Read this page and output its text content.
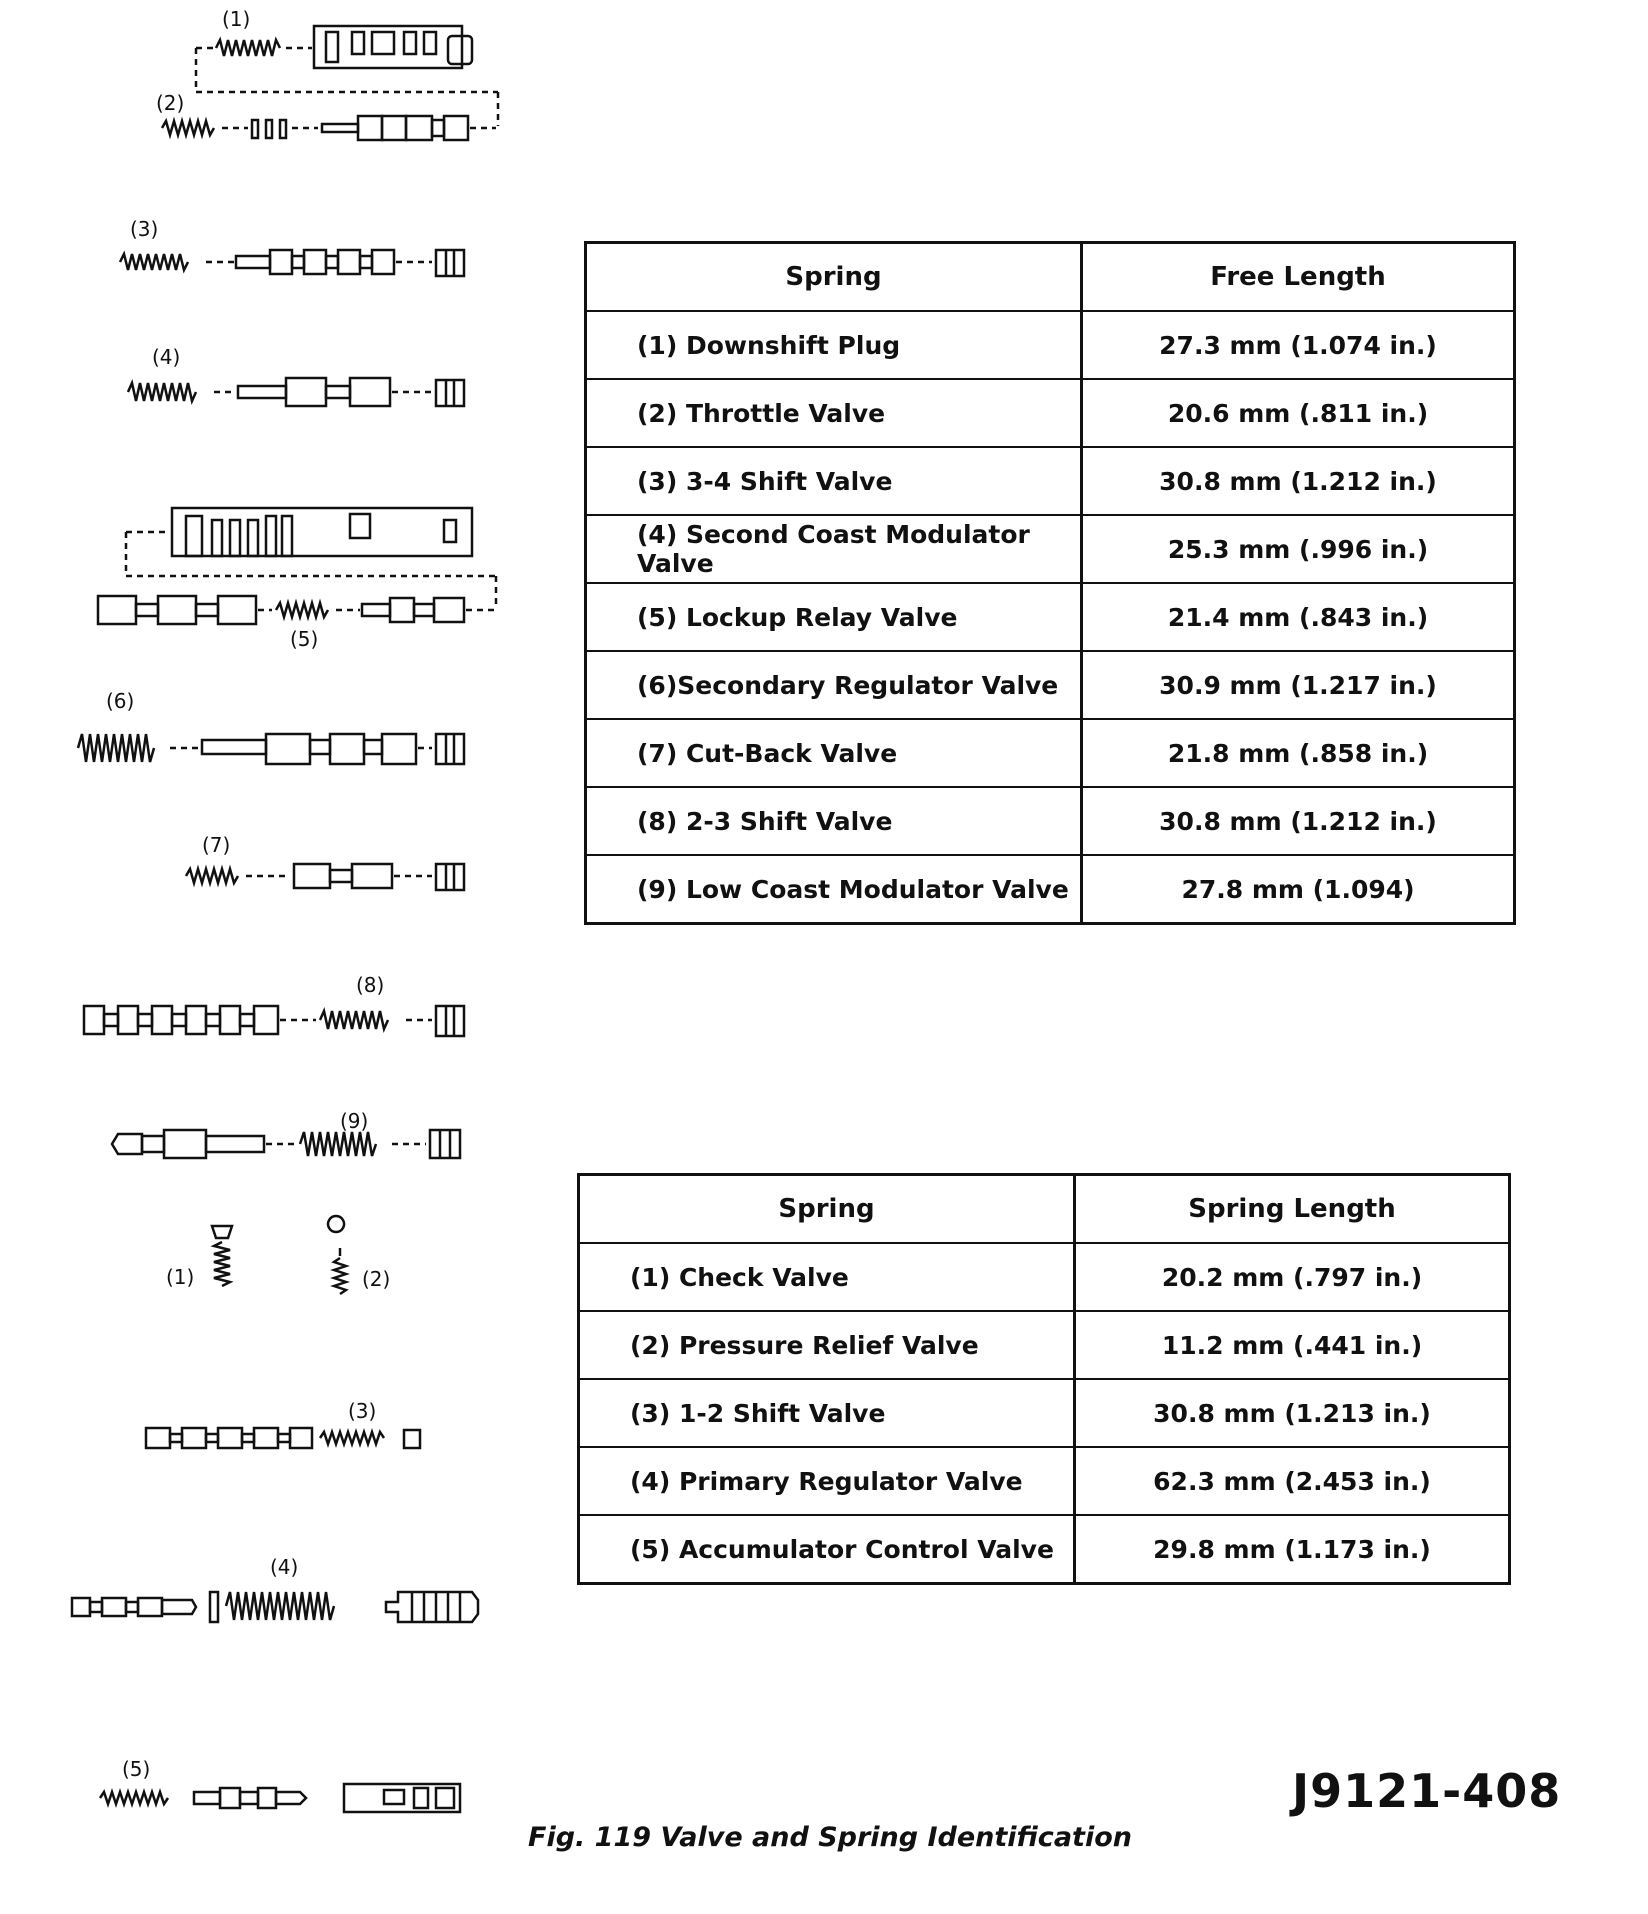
(1)
(2)
(3)
(4)
(5)
(6)
(7)
(8)
(9)
(1)	(2)
(3)
(4)
(5)
Spring	Free Length
(1) Downshift Plug	27.3 mm (1.074 in.)
(2) Throttle Valve	20.6 mm (.811 in.)
(3) 3-4 Shift Valve	30.8 mm (1.212 in.)
(4) Second Coast Modulator Valve	25.3 mm (.996 in.)
(5) Lockup Relay Valve	21.4 mm (.843 in.)
(6)Secondary Regulator Valve	30.9 mm (1.217 in.)
(7) Cut-Back Valve	21.8 mm (.858 in.)
(8) 2-3 Shift Valve	30.8 mm (1.212 in.)
(9) Low Coast Modulator Valve	27.8 mm (1.094)
Spring	Spring Length
(1) Check Valve	20.2 mm (.797 in.)
(2) Pressure Relief Valve	11.2 mm (.441 in.)
(3) 1-2 Shift Valve	30.8 mm (1.213 in.)
(4) Primary Regulator Valve	62.3 mm (2.453 in.)
(5) Accumulator Control Valve	29.8 mm (1.173 in.)
J9121-408
Fig. 119 Valve and Spring Identification
